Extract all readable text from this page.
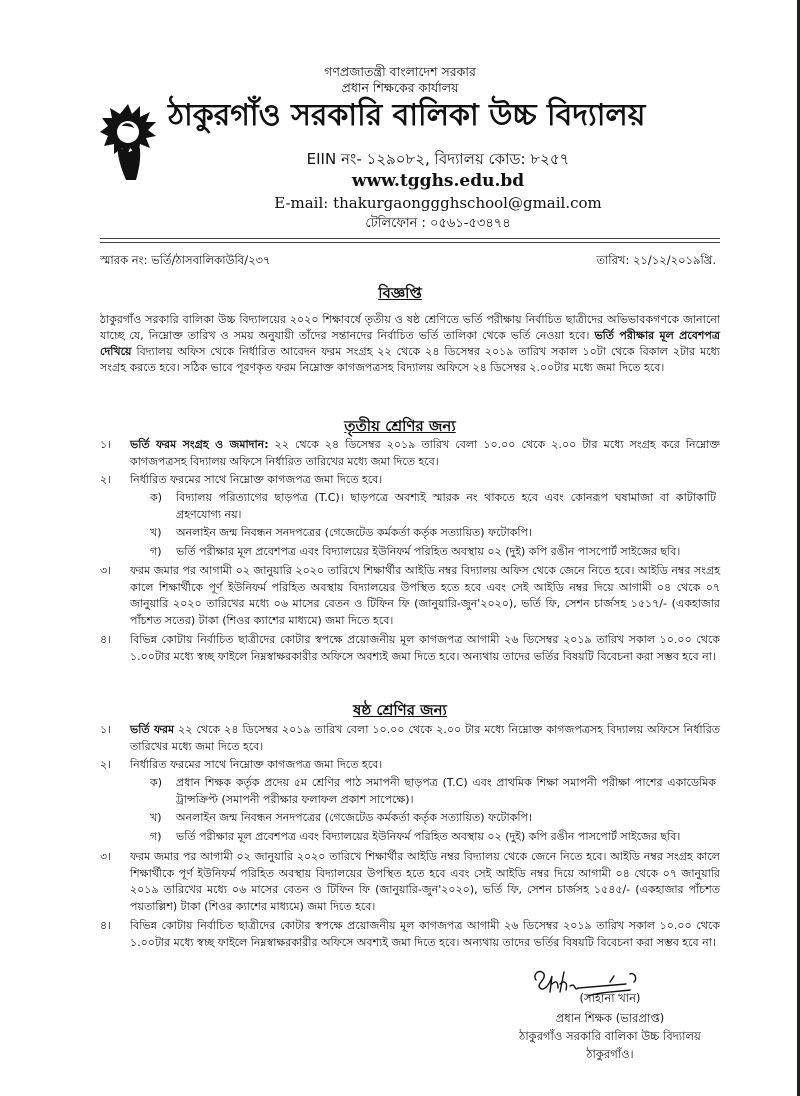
গণপ্রজাতন্ত্রী বাংলাদেশ সরকার
প্রধান শিক্ষকের কার্যালয়
ঠাকুরগাঁও সরকারি বালিকা উচ্চ বিদ্যালয়
EIIN নং- ১২৯০৮২, বিদ্যালয় কোড: ৮২৫৭
www.tgghs.edu.bd
E-mail: thakurgaonggghschool@gmail.com
টেলিফোন : ০৫৬১-৫৩৪৭৪
স্মারক নং: ভর্তি/ঠাসবালিকাউবি/২৩৭	তারিখ: ২১/১২/২০১৯খ্রি.
বিজ্ঞপ্তি
ঠাকুরগাঁও সরকারি বালিকা উচ্চ বিদ্যালয়ের ২০২০ শিক্ষাবর্ষে তৃতীয় ও ষষ্ঠ শ্রেণিতে ভর্তি পরীক্ষায় নির্বাচিত ছাত্রীদের অভিভাবকগণকে জানানো যাচ্ছে যে, নিম্নোক্ত তারিখ ও সময় অনুযায়ী তাঁদের সন্তানদের নির্বাচিত ভর্তি তালিকা থেকে ভর্তি নেওয়া হবে। ভর্তি পরীক্ষার মূল প্রবেশপত্র দেখিয়ে বিদ্যালয় অফিস থেকে নির্ধারিত আবেদন ফরম সংগ্রহ ২২ থেকে ২৪ ডিসেম্বর ২০১৯ তারিখ সকাল ১০টা থেকে বিকাল ২টার মধ্যে সংগ্রহ করতে হবে। সঠিক ভাবে পূরণকৃত ফরম নিম্নোক্ত কাগজপত্রসহ বিদ্যালয় অফিসে ২৪ ডিসেম্বর ২.০০টার মধ্যে জমা দিতে হবে।
তৃতীয় শ্রেণির জন্য
১। ভর্তি ফরম সংগ্রহ ও জমাদান: ২২ থেকে ২৪ ডিসেম্বর ২০১৯ তারিখ বেলা ১০.০০ থেকে ২.০০ টার মধ্যে সংগ্রহ করে নিম্নোক্ত কাগজপত্রসহ বিদ্যালয় অফিসে নির্ধারিত তারিখের মধ্যে জমা দিতে হবে।
২। নির্ধারিত ফরমের সাথে নিম্নোক্ত কাগজপত্র জমা দিতে হবে।
ক) বিদ্যালয় পরিত্যাগের ছাড়পত্র (T.C)। ছাড়পত্রে অবশ্যই স্মারক নং থাকতে হবে এবং কোনরূপ ঘষামাজা বা কাটাকাটি গ্রহণযোগ্য নয়।
খ) অনলাইন জন্ম নিবন্ধন সনদপত্রের (গেজেটেড কর্মকর্তা কর্তৃক সত্যায়িত) ফটোকপি।
গ) ভর্তি পরীক্ষার মূল প্রবেশপত্র এবং বিদ্যালয়ের ইউনিফর্ম পরিহিত অবস্থায় ০২ (দুই) কপি রঙীন পাসপোর্ট সাইজের ছবি।
৩। ফরম জমার পর আগামী ০২ জানুয়ারি ২০২০ তারিখে শিক্ষার্থীর আইডি নম্বর বিদ্যালয় অফিস থেকে জেনে নিতে হবে। আইডি নম্বর সংগ্রহ কালে শিক্ষার্থীকে পূর্ণ ইউনিফর্ম পরিহিত অবস্থায় বিদ্যালয়ের উপস্থিত হতে হবে এবং সেই আইডি নম্বর দিয়ে আগামী ০৪ থেকে ০৭ জানুয়ারি ২০২০ তারিখের মধ্যে ০৬ মাসের বেতন ও টিফিন ফি (জানুয়ারি-জুন'২০২০), ভর্তি ফি, সেশন চার্জসহ ১৫১৭/- (একহাজার পাঁচশত সতের) টাকা (শিওর ক্যাশের মাধ্যমে) জমা দিতে হবে।
৪। বিভিন্ন কোটায় নির্বাচিত ছাত্রীদের কোটার স্বপক্ষে প্রয়োজনীয় মূল কাগজপত্র আগামী ২৬ ডিসেম্বর ২০১৯ তারিখ সকাল ১০.০০ থেকে ১.০০টার মধ্যে স্বচ্ছ ফাইলে নিম্নস্বাক্ষরকারীর অফিসে অবশ্যই জমা দিতে হবে। অন্যথায় তাদের ভর্তির বিষয়টি বিবেচনা করা সম্ভব হবে না।
ষষ্ঠ শ্রেণির জন্য
১। ভর্তি ফরম ২২ থেকে ২৪ ডিসেম্বর ২০১৯ তারিখ বেলা ১০.০০ থেকে ২.০০ টার মধ্যে নিম্নোক্ত কাগজপত্রসহ বিদ্যালয় অফিসে নির্ধারিত তারিখের মধ্যে জমা দিতে হবে।
২। নির্ধারিত ফরমের সাথে নিম্নোক্ত কাগজপত্র জমা দিতে হবে।
ক) প্রধান শিক্ষক কর্তৃক প্রদেয় ৫ম শ্রেণির পাঠ সমাপনী ছাড়পত্র (T.C) এবং প্রাথমিক শিক্ষা সমাপনী পরীক্ষা পাশের একাডেমিক ট্রান্সক্রিপ্ট (সমাপনী পরীক্ষার ফলাফল প্রকাশ সাপেক্ষে)।
খ) অনলাইন জন্ম নিবন্ধন সনদপত্রের (গেজেটেড কর্মকর্তা কর্তৃক সত্যায়িত) ফটোকপি।
গ) ভর্তি পরীক্ষার মূল প্রবেশপত্র এবং বিদ্যালয়ের ইউনিফর্ম পরিহিত অবস্থায় ০২ (দুই) কপি রঙীন পাসপোর্ট সাইজের ছবি।
৩। ফরম জমার পর আগামী ০২ জানুয়ারি ২০২০ তারিখে শিক্ষার্থীর আইডি নম্বর বিদ্যালয় থেকে জেনে নিতে হবে। আইডি নম্বর সংগ্রহ কালে শিক্ষার্থীকে পূর্ণ ইউনিফর্ম পরিহিত অবস্থায় বিদ্যালয়ের উপস্থিত হতে হবে এবং সেই আইডি নম্বর দিয়ে আগামী ০৪ থেকে ০৭ জানুয়ারি ২০১৯ তারিখের মধ্যে ০৬ মাসের বেতন ও টিফিন ফি (জানুয়ারি-জুন'২০২০), ভর্তি ফি, সেশন চার্জসহ ১৫৪৫/- (একহাজার পাঁচশত পয়তাল্লিশ) টাকা (শিওর ক্যাশের মাধ্যমে) জমা দিতে হবে।
৪। বিভিন্ন কোটায় নির্বাচিত ছাত্রীদের কোটার স্বপক্ষে প্রয়োজনীয় মূল কাগজপত্র আগামী ২৬ ডিসেম্বর ২০১৯ তারিখ সকাল ১০.০০ থেকে ১.০০টার মধ্যে স্বচ্ছ ফাইলে নিম্নস্বাক্ষরকারীর অফিসে অবশ্যই জমা দিতে হবে। অন্যথায় তাদের ভর্তির বিষয়টি বিবেচনা করা সম্ভব হবে না।
(সাহানা খান)
প্রধান শিক্ষক (ভারপ্রাপ্ত)
ঠাকুরগাঁও সরকারি বালিকা উচ্চ বিদ্যালয়
ঠাকুরগাঁও।
